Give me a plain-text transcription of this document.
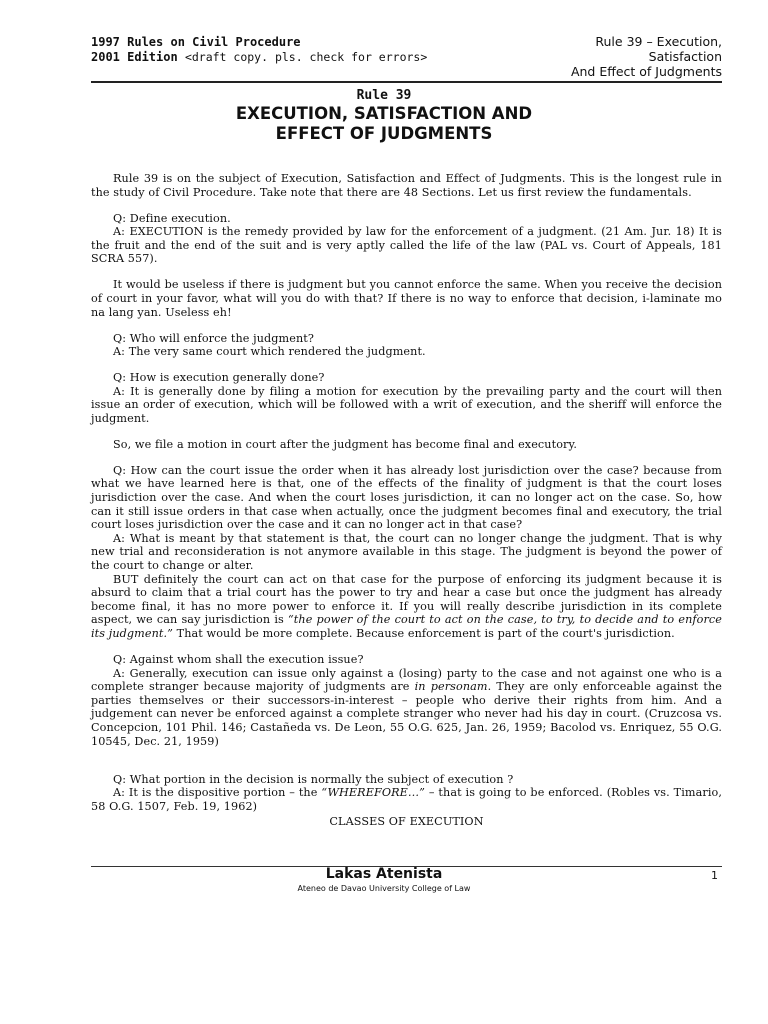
1997 Rules on Civil Procedure
2001 Edition <draft copy. pls. check for errors>
Rule 39 – Execution,
Satisfaction
And Effect of Judgments
Rule 39
EXECUTION, SATISFACTION AND
EFFECT OF JUDGMENTS

Rule 39 is on the subject of Execution, Satisfaction and Effect of Judgments. This is the longest rule in the study of Civil Procedure. Take note that there are 48 Sections. Let us first review the fundamentals.

Q: Define execution.

A: EXECUTION is the remedy provided by law for the enforcement of a judgment. (21 Am. Jur. 18) It is the fruit and the end of the suit and is very aptly called the life of the law (PAL vs. Court of Appeals, 181 SCRA 557).

It would be useless if there is judgment but you cannot enforce the same. When you receive the decision of court in your favor, what will you do with that? If there is no way to enforce that decision, i-laminate mo na lang yan. Useless eh!

Q: Who will enforce the judgment?

A: The very same court which rendered the judgment.

Q: How is execution generally done?

A: It is generally done by filing a motion for execution by the prevailing party and the court will then issue an order of execution, which will be followed with a writ of execution, and the sheriff will enforce the judgment.

So, we file a motion in court after the judgment has become final and executory.

Q: How can the court issue the order when it has already lost jurisdiction over the case? because from what we have learned here is that, one of the effects of the finality of judgment is that the court loses jurisdiction over the case. And when the court loses jurisdiction, it can no longer act on the case. So, how can it still issue orders in that case when actually, once the judgment becomes final and executory, the trial court loses jurisdiction over the case and it can no longer act in that case?

A: What is meant by that statement is that, the court can no longer change the judgment. That is why new trial and reconsideration is not anymore available in this stage. The judgment is beyond the power of the court to change or alter.

BUT definitely the court can act on that case for the purpose of enforcing its judgment because it is absurd to claim that a trial court has the power to try and hear a case but once the judgment has already become final, it has no more power to enforce it. If you will really describe jurisdiction in its complete aspect, we can say jurisdiction is “the power of the court to act on the case, to try, to decide and to enforce its judgment.” That would be more complete. Because enforcement is part of the court's jurisdiction.

Q: Against whom shall the execution issue?

A: Generally, execution can issue only against a (losing) party to the case and not against one who is a complete stranger because majority of judgments are in personam. They are only enforceable against the parties themselves or their successors-in-interest – people who derive their rights from him. And a judgement can never be enforced against a complete stranger who never had his day in court. (Cruzcosa vs. Concepcion, 101 Phil. 146; Castañeda vs. De Leon, 55 O.G. 625, Jan. 26, 1959; Bacolod vs. Enriquez, 55 O.G. 10545, Dec. 21, 1959)

Q: What portion in the decision is normally the subject of execution ?

A: It is the dispositive portion – the “WHEREFORE…” – that is going to be enforced. (Robles vs. Timario, 58 O.G. 1507, Feb. 19, 1962)

CLASSES OF EXECUTION

Lakas Atenista	1
Ateneo de Davao University College of Law
